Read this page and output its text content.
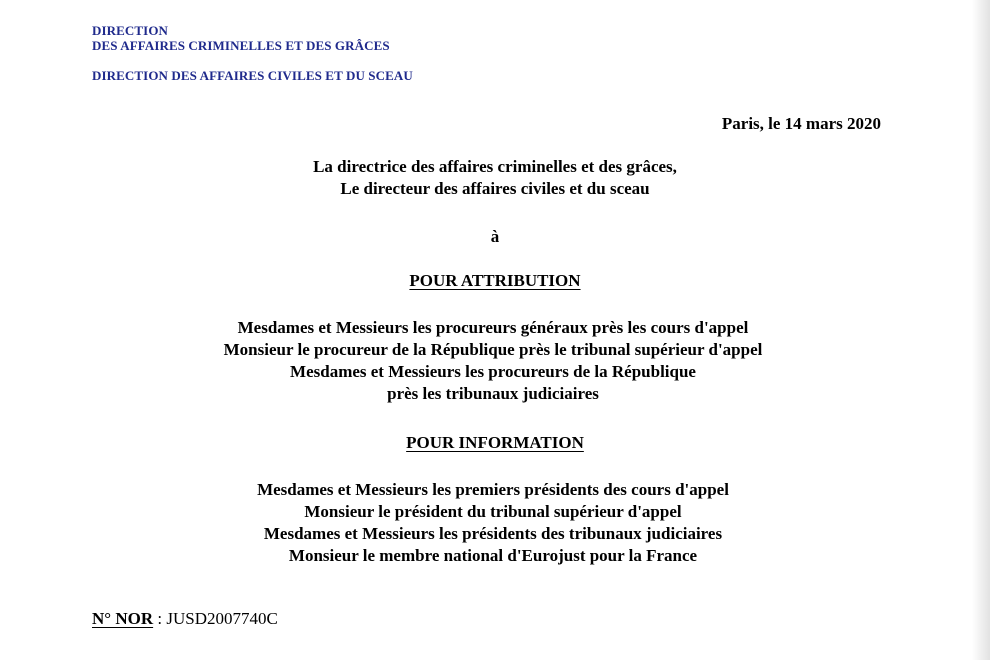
DIRECTION
DES AFFAIRES CRIMINELLES ET DES GRÂCES
DIRECTION DES AFFAIRES CIVILES ET DU SCEAU
Paris, le 14 mars 2020
La directrice des affaires criminelles et des grâces,
Le directeur des affaires civiles et du sceau
à
POUR ATTRIBUTION
Mesdames et Messieurs les procureurs généraux près les cours d'appel
Monsieur le procureur de la République près le tribunal supérieur d'appel
Mesdames et Messieurs les procureurs de la République
près les tribunaux judiciaires
POUR INFORMATION
Mesdames et Messieurs les premiers présidents des cours d'appel
Monsieur le président du tribunal supérieur d'appel
Mesdames et Messieurs les présidents des tribunaux judiciaires
Monsieur le membre national d'Eurojust pour la France
N° NOR : JUSD2007740C
